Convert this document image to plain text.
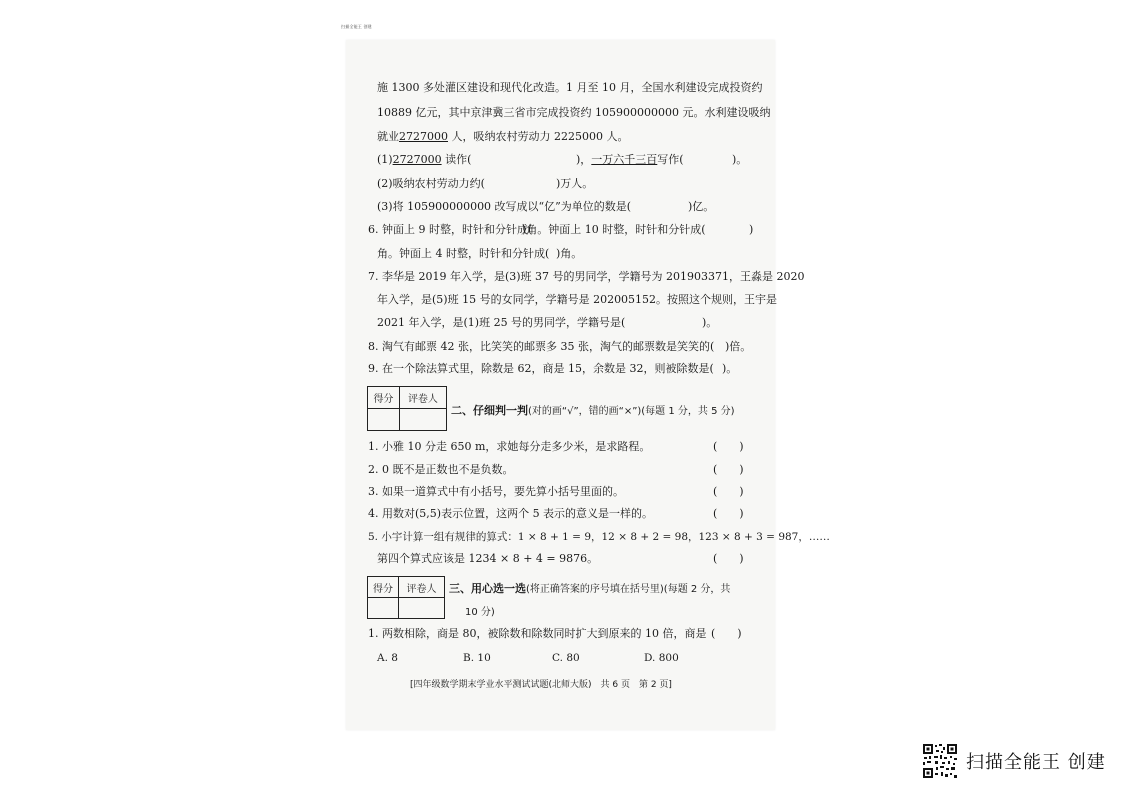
扫描全能王 创建
施 1300 多处灌区建设和现代化改造。1 月至 10 月，全国水利建设完成投资约
10889 亿元，其中京津冀三省市完成投资约 105900000000 元。水利建设吸纳
就业2727000 人，吸纳农村劳动力 2225000 人。
(1)2727000 读作(	)，一万六千三百写作(	)。
(2)吸纳农村劳动力约(	)万人。
(3)将 105900000000 改写成以“亿”为单位的数是(	)亿。
6. 钟面上 9 时整，时针和分针成(
)角。钟面上 10 时整，时针和分针成(	)
角。钟面上 4 时整，时针和分针成( )角。
7. 李华是 2019 年入学，是(3)班 37 号的男同学，学籍号为 201903371，王淼是 2020
年入学，是(5)班 15 号的女同学，学籍号是 202005152。按照这个规则，王宇是
2021 年入学，是(1)班 25 号的男同学，学籍号是(	)。
8. 淘气有邮票 42 张，比笑笑的邮票多 35 张，淘气的邮票数是笑笑的( )倍。
9. 在一个除法算式里，除数是 62，商是 15，余数是 32，则被除数是( )。
得分	评卷人

二、仔细判一判(对的画“√”，错的画“×”)(每题 1 分，共 5 分)
1. 小雅 10 分走 650 m，求她每分走多少米，是求路程。	(　　)
2. 0 既不是正数也不是负数。	(　　)
3. 如果一道算式中有小括号，要先算小括号里面的。	(　　)
4. 用数对(5,5)表示位置，这两个 5 表示的意义是一样的。	(　　)
5. 小宇计算一组有规律的算式：1 × 8 + 1 = 9，12 × 8 + 2 = 98，123 × 8 + 3 = 987，……
第四个算式应该是 1234 × 8 + 4 = 9876。	(　　)
得分	评卷人
	三、用心选一选(将正确答案的序号填在括号里)(每题 2 分，共
10 分)
1. 两数相除，商是 80，被除数和除数同时扩大到原来的 10 倍，商是 (　　)
A. 8	B. 10	C. 80	D. 800
[四年级数学期末学业水平测试试题(北师大版)　共 6 页　第 2 页]
扫描全能王 创建
